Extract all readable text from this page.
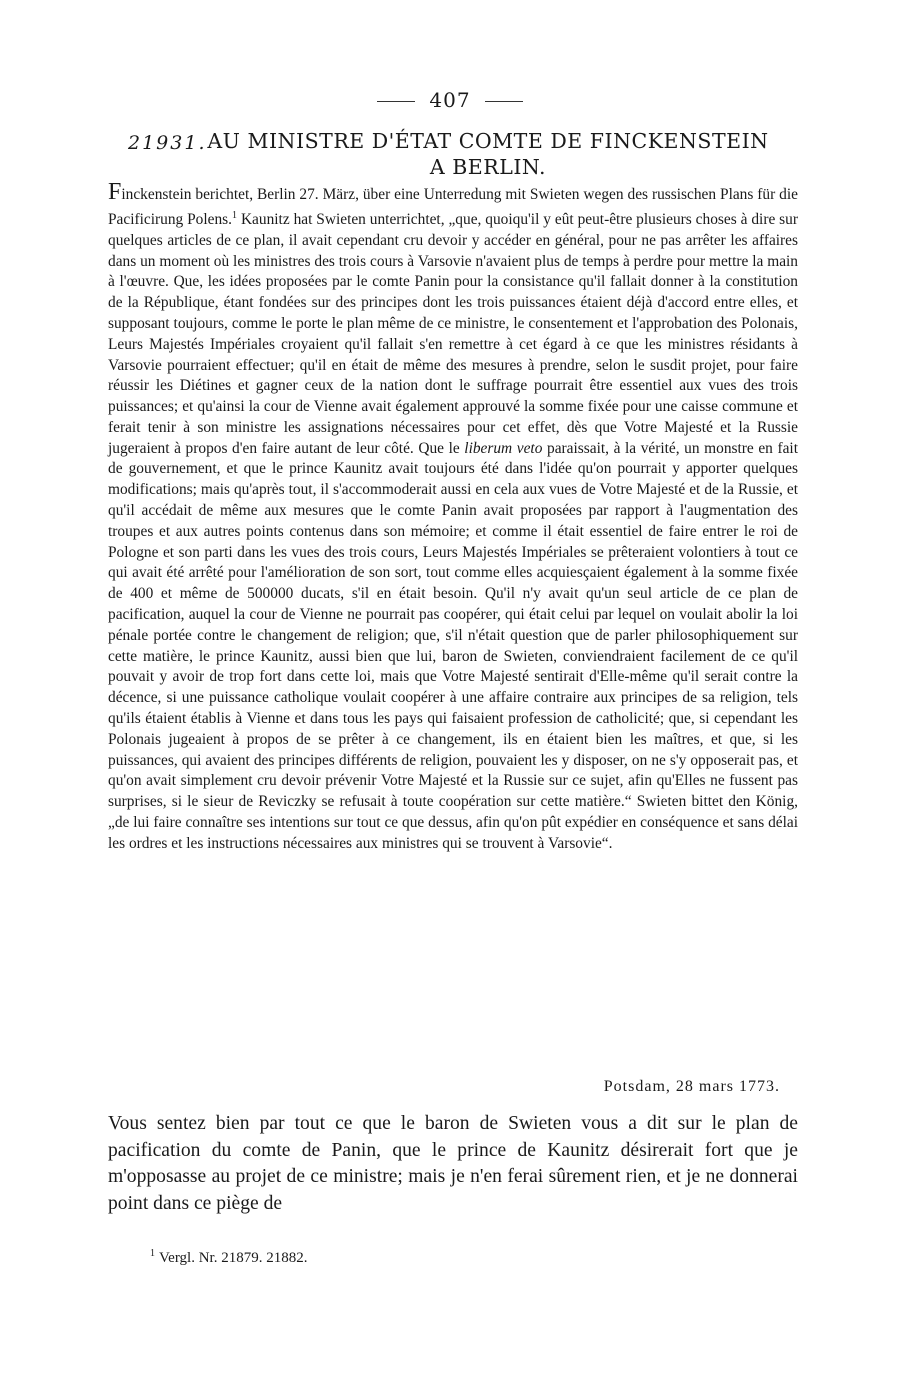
407
21931. AU MINISTRE D'ÉTAT COMTE DE FINCKENSTEIN
A BERLIN.

Finckenstein berichtet, Berlin 27. März, über eine Unterredung mit Swieten wegen des russischen Plans für die Pacificirung Polens.$^1$ Kaunitz hat Swieten unterrichtet, „que, quoiqu'il y eût peut-être plusieurs choses à dire sur quelques articles de ce plan, il avait cependant cru devoir y accéder en général, pour ne pas arrêter les affaires dans un moment où les ministres des trois cours à Varsovie n'avaient plus de temps à perdre pour mettre la main à l'œuvre. Que, les idées proposées par le comte Panin pour la consistance qu'il fallait donner à la constitution de la République, étant fondées sur des principes dont les trois puissances étaient déjà d'accord entre elles, et supposant toujours, comme le porte le plan même de ce ministre, le consentement et l'approbation des Polonais, Leurs Majestés Impériales croyaient qu'il fallait s'en remettre à cet égard à ce que les ministres résidants à Varsovie pourraient effectuer; qu'il en était de même des mesures à prendre, selon le susdit projet, pour faire réussir les Diétines et gagner ceux de la nation dont le suffrage pourrait être essentiel aux vues des trois puissances; et qu'ainsi la cour de Vienne avait également approuvé la somme fixée pour une caisse commune et ferait tenir à son ministre les assignations nécessaires pour cet effet, dès que Votre Majesté et la Russie jugeraient à propos d'en faire autant de leur côté. Que le liberum veto paraissait, à la vérité, un monstre en fait de gouvernement, et que le prince Kaunitz avait toujours été dans l'idée qu'on pourrait y apporter quelques modifications; mais qu'après tout, il s'accommoderait aussi en cela aux vues de Votre Majesté et de la Russie, et qu'il accédait de même aux mesures que le comte Panin avait proposées par rapport à l'augmentation des troupes et aux autres points contenus dans son mémoire; et comme il était essentiel de faire entrer le roi de Pologne et son parti dans les vues des trois cours, Leurs Majestés Impériales se prêteraient volontiers à tout ce qui avait été arrêté pour l'amélioration de son sort, tout comme elles acquiesçaient également à la somme fixée de 400 et même de 500000 ducats, s'il en était besoin. Qu'il n'y avait qu'un seul article de ce plan de pacification, auquel la cour de Vienne ne pourrait pas coopérer, qui était celui par lequel on voulait abolir la loi pénale portée contre le changement de religion; que, s'il n'était question que de parler philosophiquement sur cette matière, le prince Kaunitz, aussi bien que lui, baron de Swieten, conviendraient facilement de ce qu'il pouvait y avoir de trop fort dans cette loi, mais que Votre Majesté sentirait d'Elle-même qu'il serait contre la décence, si une puissance catholique voulait coopérer à une affaire contraire aux principes de sa religion, tels qu'ils étaient établis à Vienne et dans tous les pays qui faisaient profession de catholicité; que, si cependant les Polonais jugeaient à propos de se prêter à ce changement, ils en étaient bien les maîtres, et que, si les puissances, qui avaient des principes différents de religion, pouvaient les y disposer, on ne s'y opposerait pas, et qu'on avait simplement cru devoir prévenir Votre Majesté et la Russie sur ce sujet, afin qu'Elles ne fussent pas surprises, si le sieur de Reviczky se refusait à toute coopération sur cette matière.“ Swieten bittet den König, „de lui faire connaître ses intentions sur tout ce que dessus, afin qu'on pût expédier en conséquence et sans délai les ordres et les instructions nécessaires aux ministres qui se trouvent à Varsovie“.

Potsdam, 28 mars 1773.

Vous sentez bien par tout ce que le baron de Swieten vous a dit sur le plan de pacification du comte de Panin, que le prince de Kaunitz désirerait fort que je m'opposasse au projet de ce ministre; mais je n'en ferai sûrement rien, et je ne donnerai point dans ce piège de

$^1$ Vergl. Nr. 21879. 21882.
